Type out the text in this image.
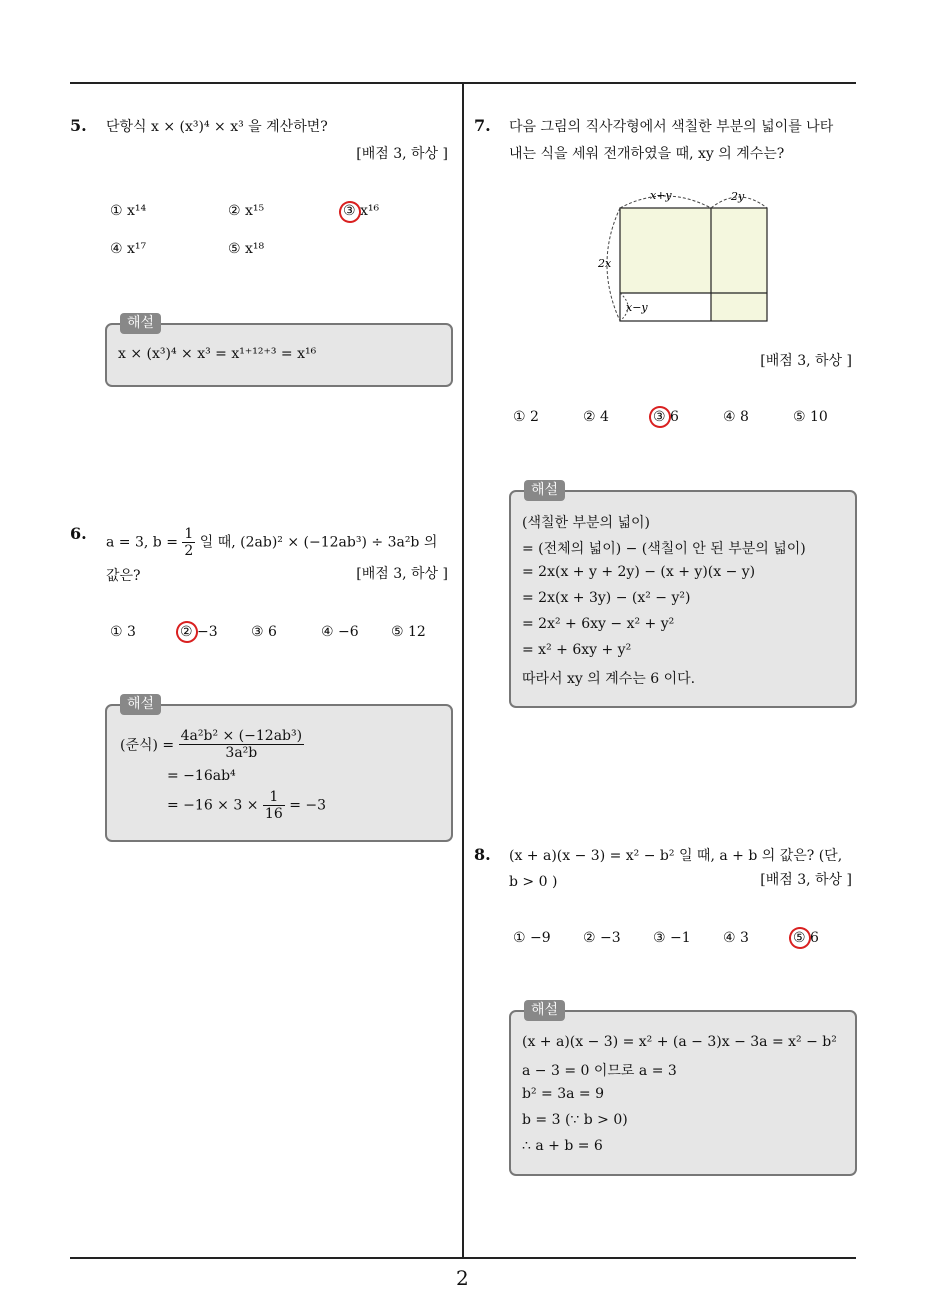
5. 단항식 x × (x³)⁴ × x³ 을 계산하면?
[배점 3, 하상 ]
① x¹⁴	② x¹⁵	③ x¹⁶
④ x¹⁷	⑤ x¹⁸
해설
x × (x³)⁴ × x³ = x¹⁺¹²⁺³ = x¹⁶
6. a = 3, $b = \frac{1}{2}$ 일 때, (2ab)² × (−12ab³) ÷ 3a²b 의
값은?	[배점 3, 하상 ]
① 3	② −3 ③ 6	④ −6 ⑤ 12
해설
(준식) = $\frac{\text{4a²b² × (−12ab³)}}{\text{3a²b}}$
= −16ab⁴
= $-16 \times 3 \times \frac{1}{16} = -3$
7. 다음 그림의 직사각형에서 색칠한 부분의 넓이를 나타
내는 식을 세워 전개하였을 때, xy 의 계수는?
x+y	2y
2x
x−y
[배점 3, 하상 ]
① 2	② 4	③ 6	④ 8	⑤ 10
해설
(색칠한 부분의 넓이)
= (전체의 넓이) − (색칠이 안 된 부분의 넓이)
= 2x(x + y + 2y) − (x + y)(x − y)
= 2x(x + 3y) − (x² − y²)
= 2x² + 6xy − x² + y²
= x² + 6xy + y²
따라서 xy 의 계수는 6 이다.
8. (x + a)(x − 3) = x² − b² 일 때, a + b 의 값은? (단,
b > 0 )	[배점 3, 하상 ]
① −9 ② −3 ③ −1 ④ 3	⑤ 6
해설
(x + a)(x − 3) = x² + (a − 3)x − 3a = x² − b²
a − 3 = 0 이므로 a = 3
b² = 3a = 9
b = 3 (∵ b > 0)
∴ a + b = 6
2
